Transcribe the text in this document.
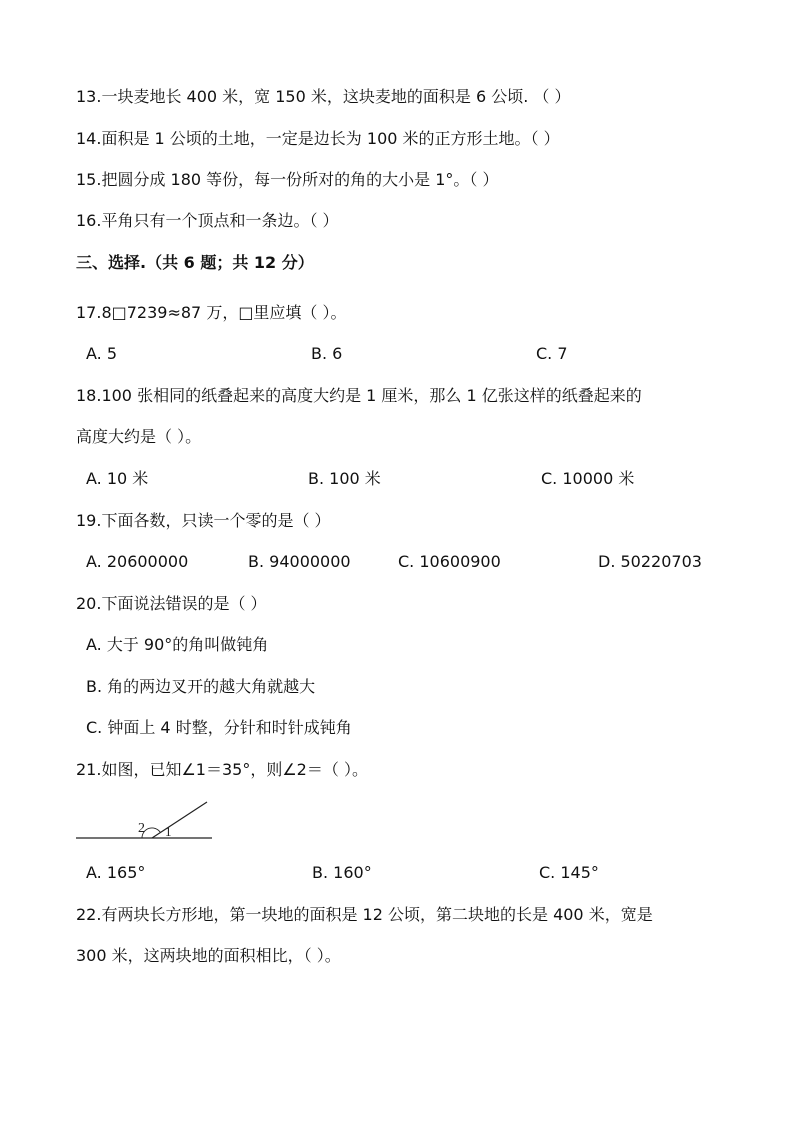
13.一块麦地长 400 米，宽 150 米，这块麦地的面积是 6 公顷. （ ）
14.面积是 1 公顷的土地，一定是边长为 100 米的正方形土地。（ ）
15.把圆分成 180 等份，每一份所对的角的大小是 1°。（ ）
16.平角只有一个顶点和一条边。（ ）
三、选择.（共 6 题；共 12 分）
17.8□7239≈87 万，□里应填（ ）。
A. 5	B. 6	C. 7
18.100 张相同的纸叠起来的高度大约是 1 厘米，那么 1 亿张这样的纸叠起来的
高度大约是（ ）。
A. 10 米	B. 100 米	C. 10000 米
19.下面各数，只读一个零的是（ ）
A. 20600000	B. 94000000	C. 10600900	D. 50220703
20.下面说法错误的是（ ）
A. 大于 90°的角叫做钝角
B. 角的两边叉开的越大角就越大
C. 钟面上 4 时整，分针和时针成钝角
21.如图，已知∠1＝35°，则∠2＝（ ）。
2 1
A. 165°	B. 160°	C. 145°
22.有两块长方形地，第一块地的面积是 12 公顷，第二块地的长是 400 米，宽是
300 米，这两块地的面积相比，（ ）。
